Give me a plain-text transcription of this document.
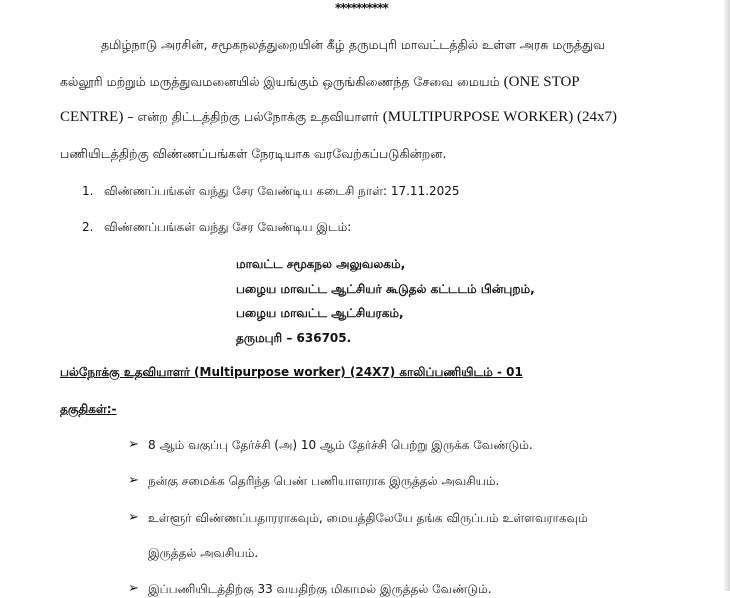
**********
தமிழ்நாடு அரசின், சமூகநலத்துறையின் கீழ் தருமபுரி மாவட்டத்தில் உள்ள அரசு மருத்துவ
கல்லூரி மற்றும் மருத்துவமனையில் இயங்கும் ஒருங்கிணைந்த சேவை மையம் (ONE STOP
CENTRE) – என்ற திட்டத்திற்கு பல்நோக்கு உதவியாளர் (MULTIPURPOSE WORKER) (24x7)
பணியிடத்திற்கு விண்ணப்பங்கள் நேரடியாக வரவேற்கப்படுகின்றன.
1. விண்ணப்பங்கள் வந்து சேர வேண்டிய கடைசி நாள்: 17.11.2025
2. விண்ணப்பங்கள் வந்து சேர வேண்டிய இடம்:
மாவட்ட சமூகநல அலுவலகம்,
பழைய மாவட்ட ஆட்சியர் கூடுதல் கட்டடம் பின்புறம்,
பழைய மாவட்ட ஆட்சியரகம்,
தருமபுரி – 636705.
பல்நோக்கு உதவியாளர் (Multipurpose worker) (24X7) காலிப்பணியிடம் - 01
தகுதிகள்:-
➢ 8 ஆம் வகுப்பு தேர்ச்சி (அ) 10 ஆம் தேர்ச்சி பெற்று இருக்க வேண்டும்.
➢ நன்கு சமைக்க தெரிந்த பெண் பணியாளராக இருத்தல் அவசியம்.
➢ உள்ளூர் விண்ணப்பதாரராகவும், மையத்திலேயே தங்க விருப்பம் உள்ளவராகவும்
இருத்தல் அவசியம்.
➢ இப்பணியிடத்திற்கு 33 வயதிற்கு மிகாமல் இருத்தல் வேண்டும்.
